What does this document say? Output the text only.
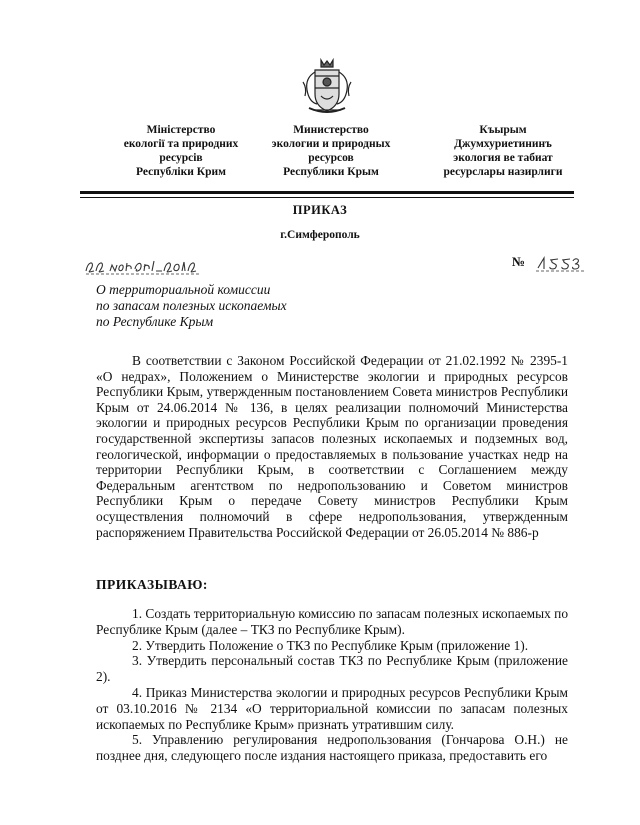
Міністерство
екології та природних
ресурсів
Республіки Крим
Министерство
экологии и природных
ресурсов
Республики Крым
Къырым
Джумхуриетининъ
экология ве табиат
ресурслары назирлиги
ПРИКАЗ
г.Симферополь
№
О территориальной комиссии
по запасам полезных ископаемых
по Республике Крым

В соответствии с Законом Российской Федерации от 21.02.1992 № 2395-1 «О недрах», Положением о Министерстве экологии и природных ресурсов Республики Крым, утвержденным постановлением Совета министров Республики Крым от 24.06.2014 № 136, в целях реализации полномочий Министерства экологии и природных ресурсов Республики Крым по организации проведения государственной экспертизы запасов полезных ископаемых и подземных вод, геологической, информации о предоставляемых в пользование участках недр на территории Республики Крым, в соответствии с Соглашением между Федеральным агентством по недропользованию и Советом министров Республики Крым о передаче Совету министров Республики Крым осуществления полномочий в сфере недропользования, утвержденным распоряжением Правительства Российской Федерации от 26.05.2014 № 886-р

ПРИКАЗЫВАЮ:

1. Создать территориальную комиссию по запасам полезных ископаемых по Республике Крым (далее – ТКЗ по Республике Крым).

2. Утвердить Положение о ТКЗ по Республике Крым (приложение 1).

3. Утвердить персональный состав ТКЗ по Республике Крым (приложение 2).

4. Приказ Министерства экологии и природных ресурсов Республики Крым от 03.10.2016 № 2134 «О территориальной комиссии по запасам полезных ископаемых по Республике Крым» признать утратившим силу.

5. Управлению регулирования недропользования (Гончарова О.Н.) не позднее дня, следующего после издания настоящего приказа, предоставить его
